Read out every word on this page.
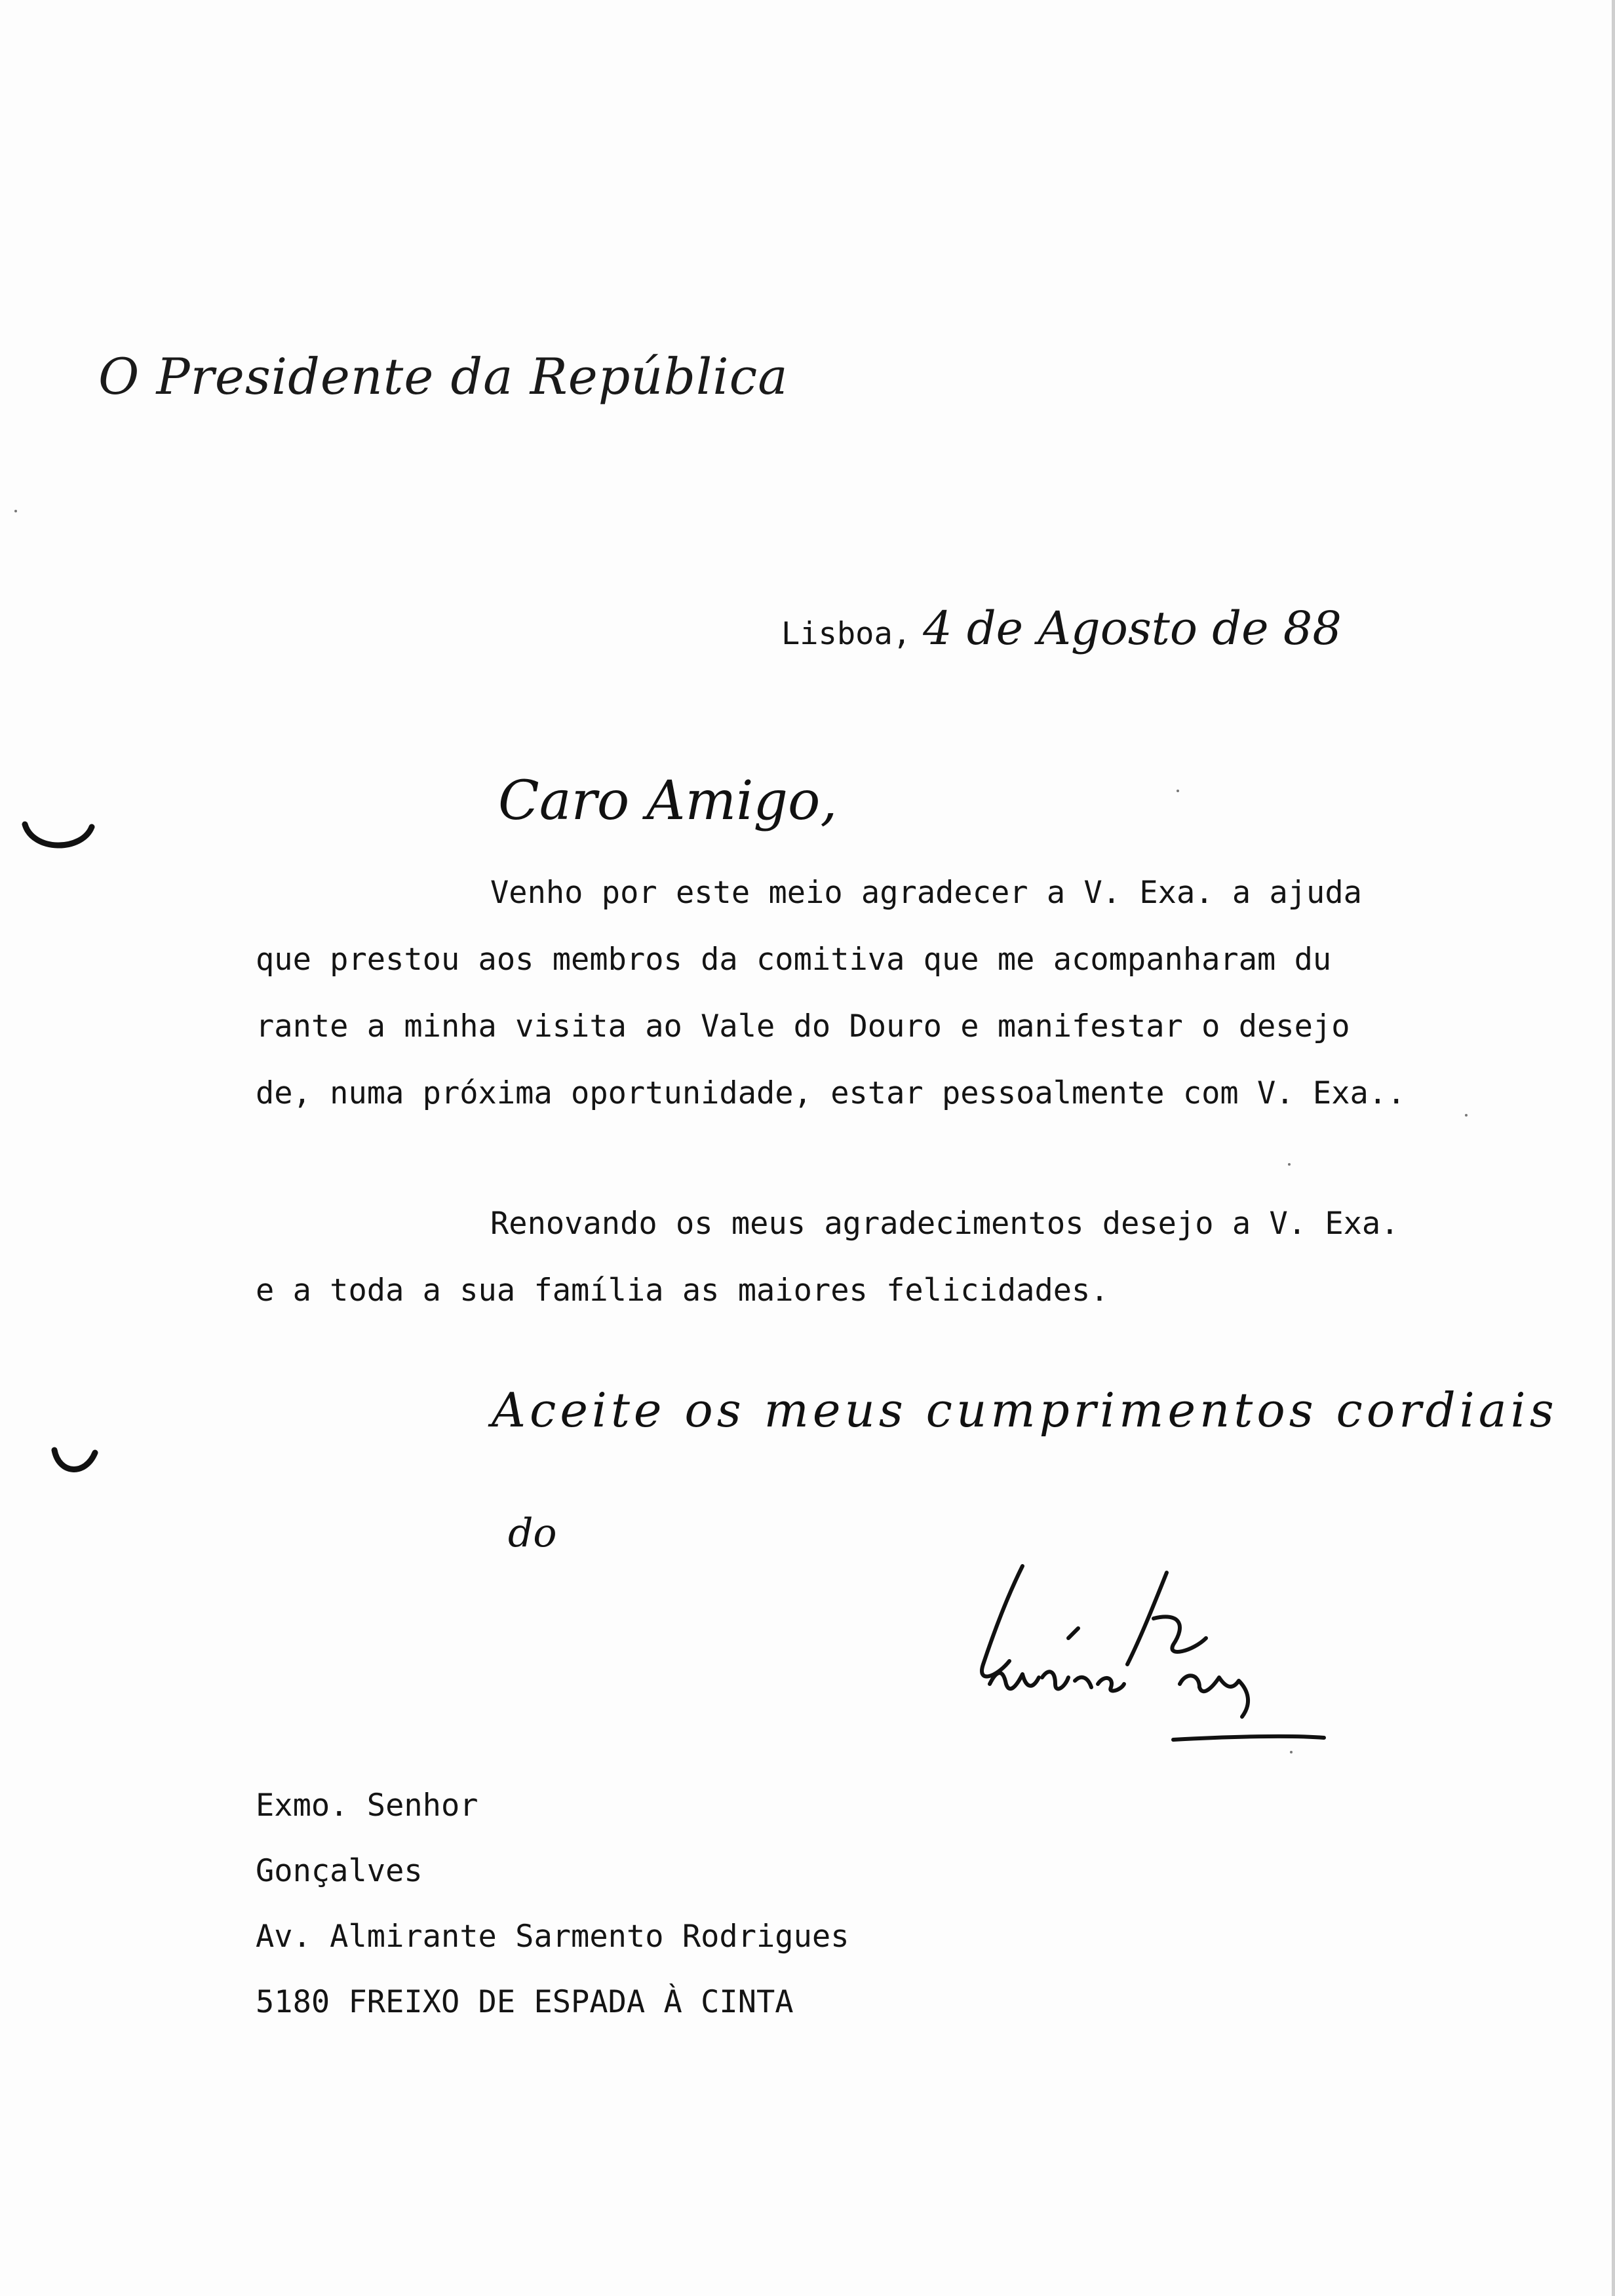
O Presidente da República
Lisboa, 4 de Agosto de 88
Caro Amigo,
Venho por este meio agradecer a V. Exa. a ajuda
que prestou aos membros da comitiva que me acompanharam du
rante a minha visita ao Vale do Douro e manifestar o desejo
de, numa próxima oportunidade, estar pessoalmente com V. Exa..
Renovando os meus agradecimentos desejo a V. Exa.
e a toda a sua família as maiores felicidades.
Aceite os meus cumprimentos cordiais
do
Exmo. Senhor
Gonçalves
Av. Almirante Sarmento Rodrigues
5180 FREIXO DE ESPADA À CINTA
